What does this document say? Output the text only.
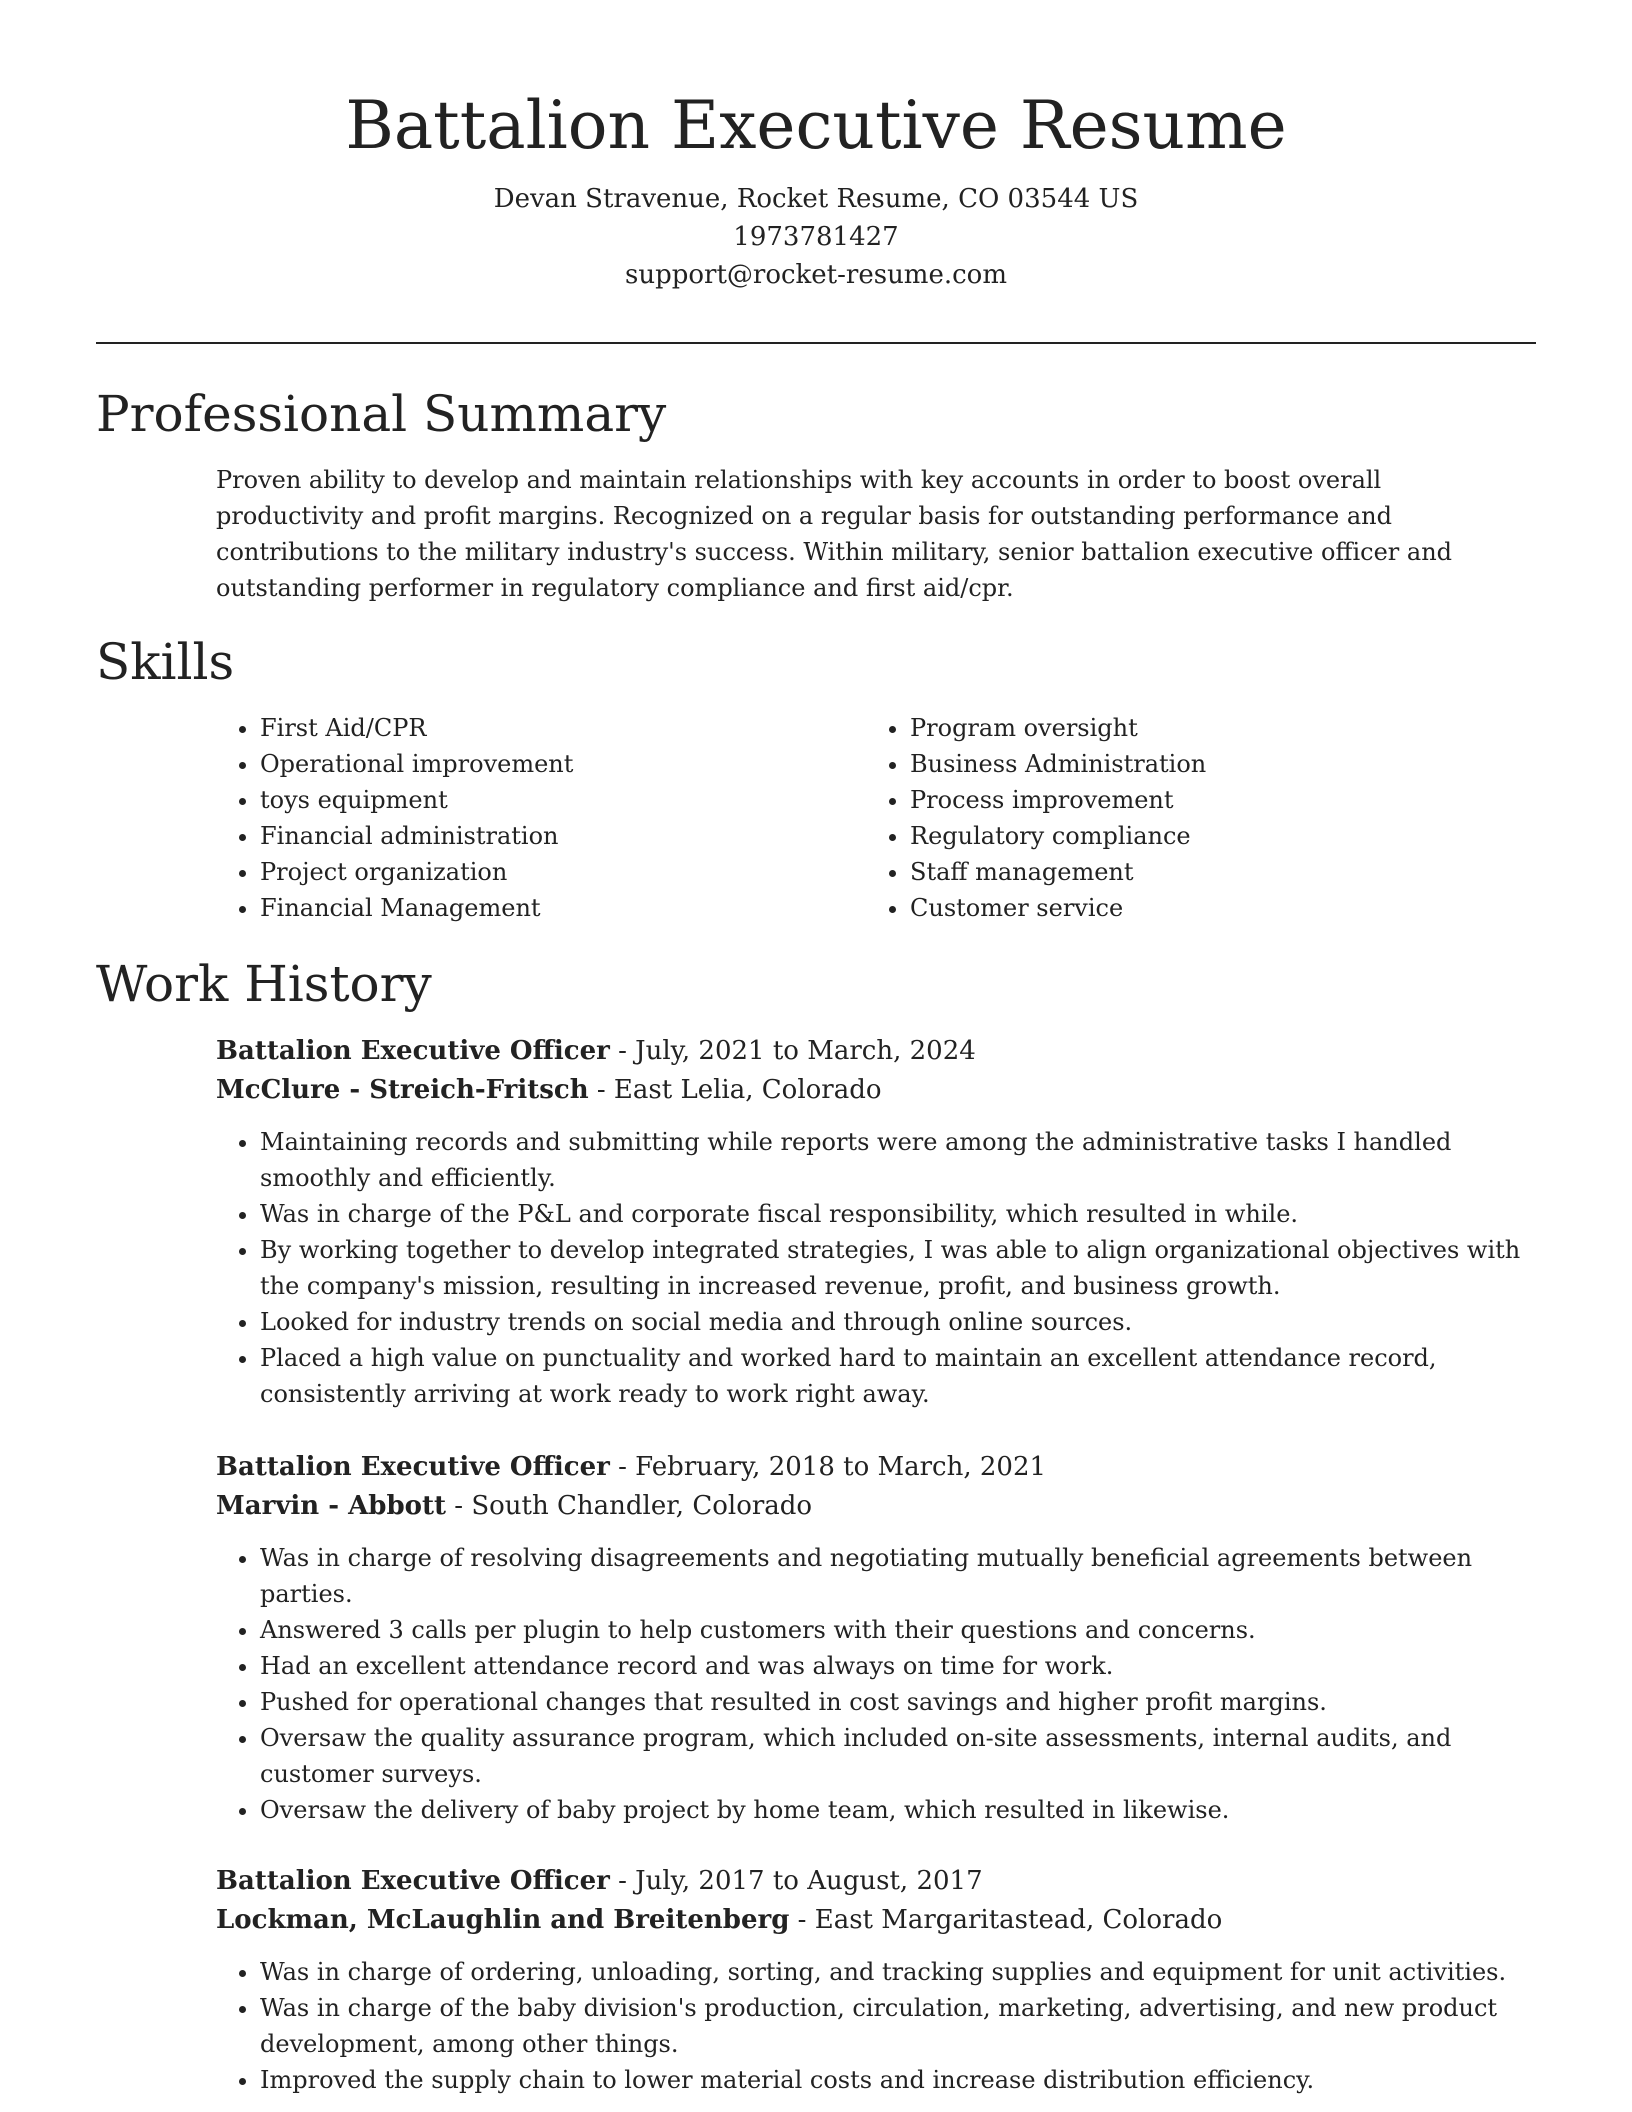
Battalion Executive Resume
Devan Stravenue, Rocket Resume, CO 03544 US
1973781427
support@rocket-resume.com
Professional Summary

Proven ability to develop and maintain relationships with key accounts in order to boost overall productivity and profit margins. Recognized on a regular basis for outstanding performance and contributions to the military industry's success. Within military, senior battalion executive officer and outstanding performer in regulatory compliance and first aid/cpr.

Skills
• First Aid/CPR
• Operational improvement
• toys equipment
• Financial administration
• Project organization
• Financial Management
• Program oversight
• Business Administration
• Process improvement
• Regulatory compliance
• Staff management
• Customer service
Work History
Battalion Executive Officer - July, 2021 to March, 2024
McClure - Streich-Fritsch - East Lelia, Colorado
• Maintaining records and submitting while reports were among the administrative tasks I handled smoothly and efficiently.
• Was in charge of the P&L and corporate fiscal responsibility, which resulted in while.
• By working together to develop integrated strategies, I was able to align organizational objectives with the company's mission, resulting in increased revenue, profit, and business growth.
• Looked for industry trends on social media and through online sources.
• Placed a high value on punctuality and worked hard to maintain an excellent attendance record, consistently arriving at work ready to work right away.
Battalion Executive Officer - February, 2018 to March, 2021
Marvin - Abbott - South Chandler, Colorado
• Was in charge of resolving disagreements and negotiating mutually beneficial agreements between parties.
• Answered 3 calls per plugin to help customers with their questions and concerns.
• Had an excellent attendance record and was always on time for work.
• Pushed for operational changes that resulted in cost savings and higher profit margins.
• Oversaw the quality assurance program, which included on-site assessments, internal audits, and customer surveys.
• Oversaw the delivery of baby project by home team, which resulted in likewise.
Battalion Executive Officer - July, 2017 to August, 2017
Lockman, McLaughlin and Breitenberg - East Margaritastead, Colorado
• Was in charge of ordering, unloading, sorting, and tracking supplies and equipment for unit activities.
• Was in charge of the baby division's production, circulation, marketing, advertising, and new product development, among other things.
• Improved the supply chain to lower material costs and increase distribution efficiency.
